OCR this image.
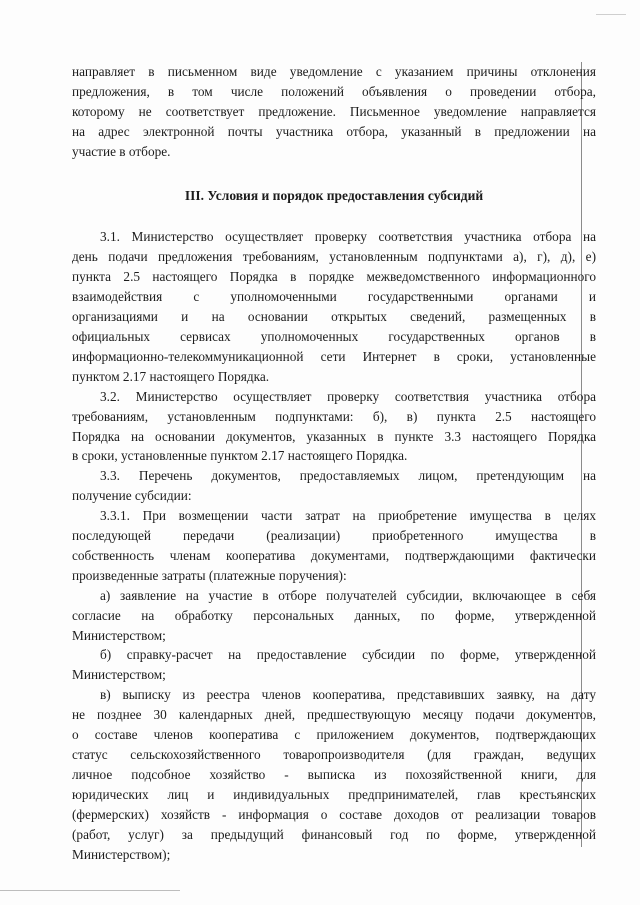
направляет в письменном виде уведомление с указанием причины отклонения
предложения, в том числе положений объявления о проведении отбора,
которому не соответствует предложение. Письменное уведомление направляется
на адрес электронной почты участника отбора, указанный в предложении на
участие в отборе.
III. Условия и порядок предоставления субсидий
3.1. Министерство осуществляет проверку соответствия участника отбора на
день подачи предложения требованиям, установленным подпунктами а), г), д), е)
пункта 2.5 настоящего Порядка в порядке межведомственного информационного
взаимодействия с уполномоченными государственными органами и
организациями и на основании открытых сведений, размещенных в
официальных сервисах уполномоченных государственных органов в
информационно-телекоммуникационной сети Интернет в сроки, установленные
пунктом 2.17 настоящего Порядка.
3.2. Министерство осуществляет проверку соответствия участника отбора
требованиям, установленным подпунктами: б), в) пункта 2.5 настоящего
Порядка на основании документов, указанных в пункте 3.3 настоящего Порядка
в сроки, установленные пунктом 2.17 настоящего Порядка.
3.3. Перечень документов, предоставляемых лицом, претендующим на
получение субсидии:
3.3.1. При возмещении части затрат на приобретение имущества в целях
последующей передачи (реализации) приобретенного имущества в
собственность членам кооператива документами, подтверждающими фактически
произведенные затраты (платежные поручения):
а) заявление на участие в отборе получателей субсидии, включающее в себя
согласие на обработку персональных данных, по форме, утвержденной
Министерством;
б) справку-расчет на предоставление субсидии по форме, утвержденной
Министерством;
в) выписку из реестра членов кооператива, представивших заявку, на дату
не позднее 30 календарных дней, предшествующую месяцу подачи документов,
о составе членов кооператива с приложением документов, подтверждающих
статус сельскохозяйственного товаропроизводителя (для граждан, ведущих
личное подсобное хозяйство - выписка из похозяйственной книги, для
юридических лиц и индивидуальных предпринимателей, глав крестьянских
(фермерских) хозяйств - информация о составе доходов от реализации товаров
(работ, услуг) за предыдущий финансовый год по форме, утвержденной
Министерством);
